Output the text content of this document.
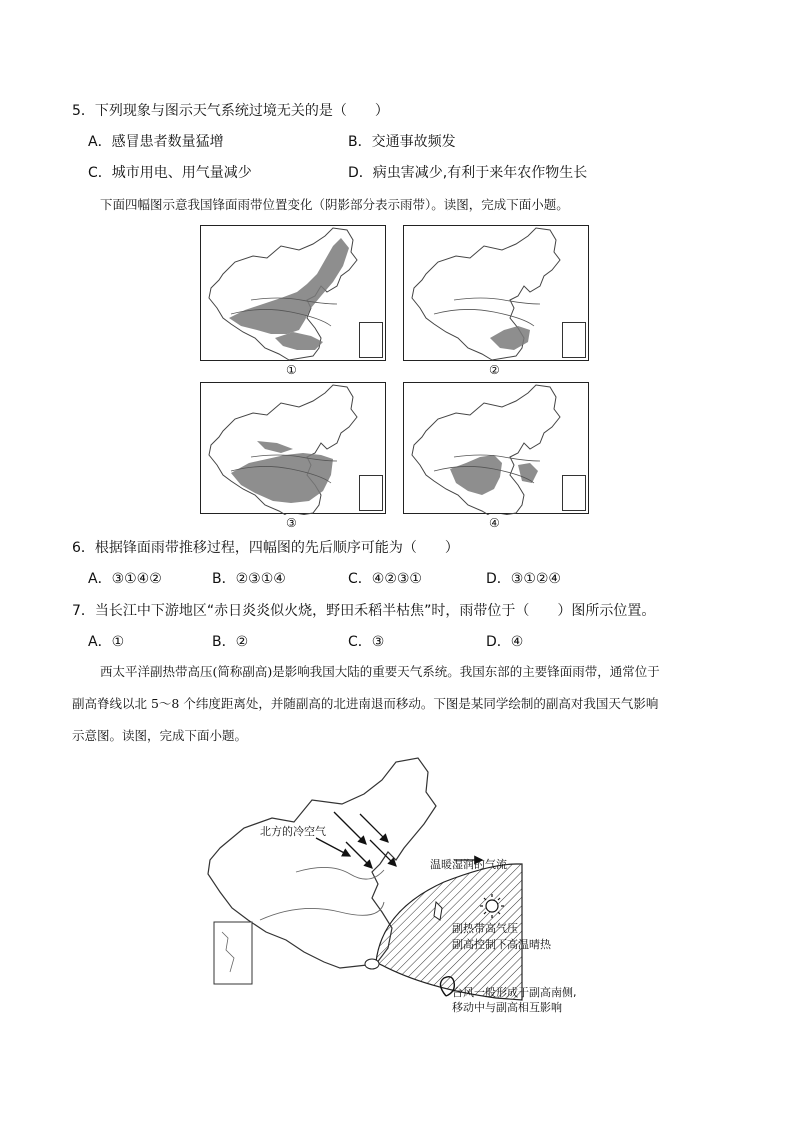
5．下列现象与图示天气系统过境无关的是（　　）
A．感冒患者数量猛增	B．交通事故频发
C．城市用电、用气量减少	D．病虫害减少,有利于来年农作物生长
下面四幅图示意我国锋面雨带位置变化（阴影部分表示雨带）。读图，完成下面小题。
①	②
③	④
6．根据锋面雨带推移过程，四幅图的先后顺序可能为（　　）
A．③①④②	B．②③①④	C．④②③①	D．③①②④
7．当长江中下游地区“赤日炎炎似火烧，野田禾稻半枯焦”时，雨带位于（　　）图所示位置。
A．①	B．②	C．③	D．④
西太平洋副热带高压(简称副高)是影响我国大陆的重要天气系统。我国东部的主要锋面雨带，通常位于
副高脊线以北 5～8 个纬度距离处，并随副高的北进南退而移动。下图是某同学绘制的副高对我国天气影响
示意图。读图，完成下面小题。
北方的冷空气
温暖湿润的气流
副热带高气压
副高控制下高温晴热
台风一般形成于副高南侧,
移动中与副高相互影响
